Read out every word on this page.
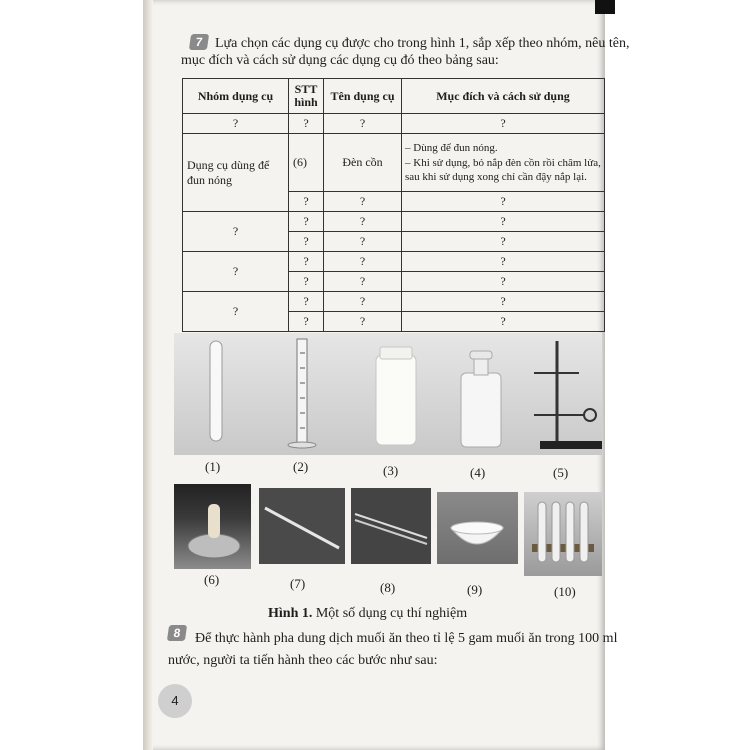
7 Lựa chọn các dụng cụ được cho trong hình 1, sắp xếp theo nhóm, nêu tên,
mục đích và cách sử dụng các dụng cụ đó theo bảng sau:
Nhóm dụng cụ	STT hình	Tên dụng cụ	Mục đích và cách sử dụng
?	?	?	?
Dụng cụ dùng để đun nóng	(6)	Đèn cồn	– Dùng để đun nóng.
– Khi sử dụng, bỏ nắp đèn cồn rồi châm lửa, sau khi sử dụng xong chỉ cần đậy nắp lại.

	?	?	?
?	?	?	?
	?	?	?
?	?	?	?
	?	?	?
?	?	?	?
	?	?	?
(1)	(2)	(3)	(4)	(5)
(6)	(7)	(8)	(9)	(10)
Hình 1. Một số dụng cụ thí nghiệm
8 Để thực hành pha dung dịch muối ăn theo tỉ lệ 5 gam muối ăn trong 100 ml
nước, người ta tiến hành theo các bước như sau:
4
